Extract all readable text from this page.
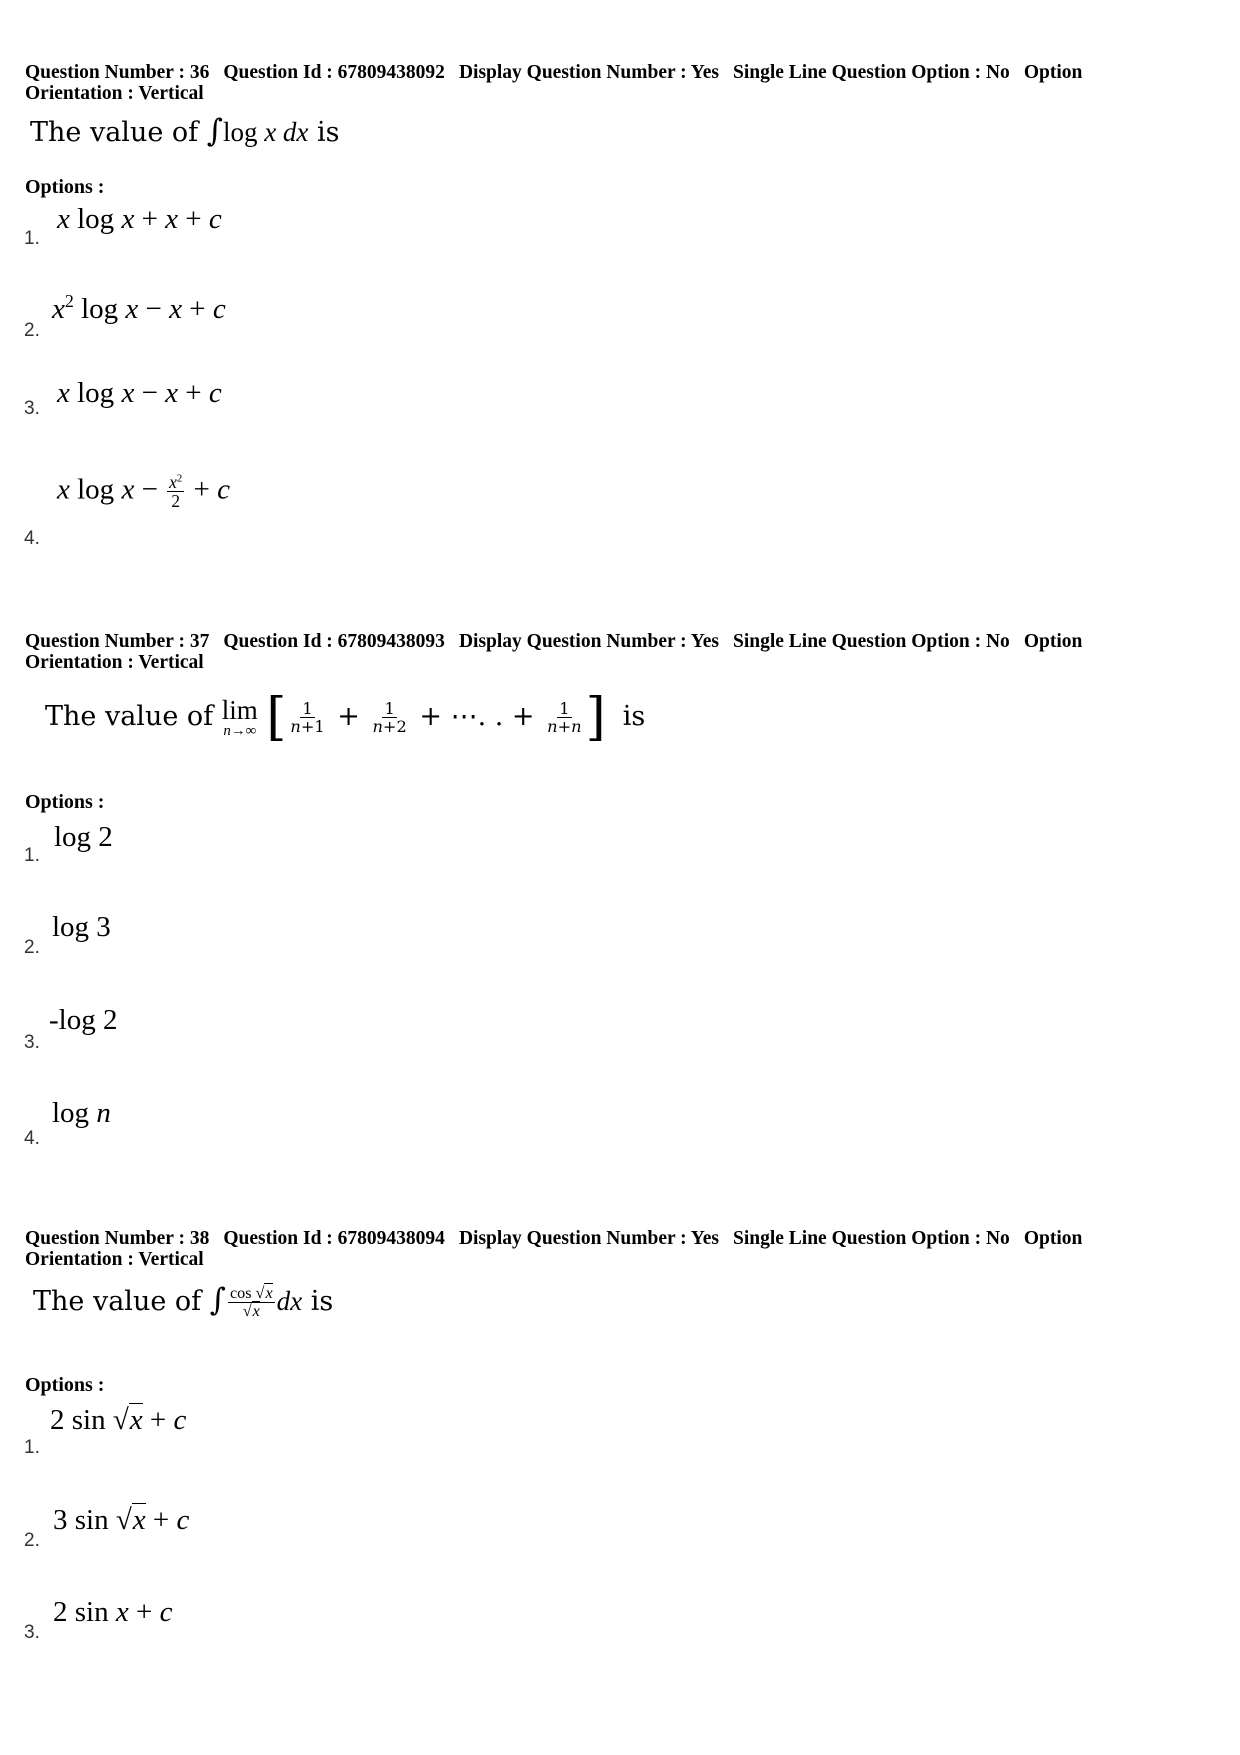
Question Number : 36 Question Id : 67809438092 Display Question Number : Yes Single Line Question Option : No Option
Orientation : Vertical
The value of ∫log x dx is
Options :
1.
x log x + x + c
2.
$x^2$ log x − x + c
3. x log x − x + c
4.
x $\log x - \frac{x^2}{2} + c$
Question Number : 37 Question Id : 67809438093 Display Question Number : Yes Single Line Question Option : No Option
Orientation : Vertical
The value of lim
n→∞ [ $\frac{1}{n+1} + \frac{1}{n+2}$ + ⋯. . + $\frac{1}{n+n}$ ] is
Options :
1.
log 2
2.
log 3
3.
-log 2
4.
log n
Question Number : 38 Question Id : 67809438094 Display Question Number : Yes Single Line Question Option : No Option
Orientation : Vertical
The value of ∫ $\frac{\cos √x}{√x}$ dx is
Options :
1.
2 sin √x + c
2.
3 sin √x + c
3.
2 sin x + c
